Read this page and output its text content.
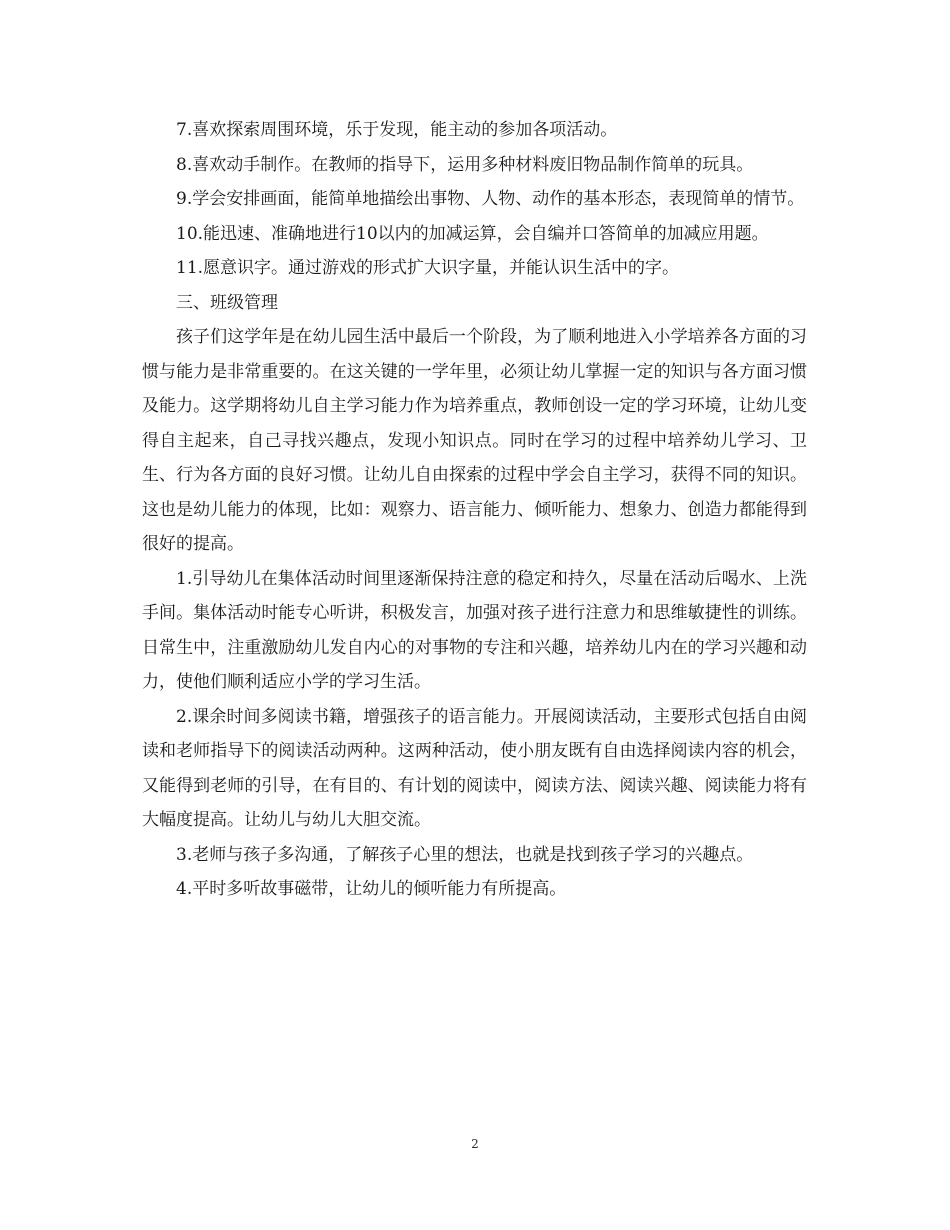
7.喜欢探索周围环境，乐于发现，能主动的参加各项活动。

8.喜欢动手制作。在教师的指导下，运用多种材料废旧物品制作简单的玩具。

9.学会安排画面，能简单地描绘出事物、人物、动作的基本形态，表现简单的情节。

10.能迅速、准确地进行10以内的加减运算，会自编并口答简单的加减应用题。

11.愿意识字。通过游戏的形式扩大识字量，并能认识生活中的字。

三、班级管理

孩子们这学年是在幼儿园生活中最后一个阶段，为了顺利地进入小学培养各方面的习惯与能力是非常重要的。在这关键的一学年里，必须让幼儿掌握一定的知识与各方面习惯及能力。这学期将幼儿自主学习能力作为培养重点，教师创设一定的学习环境，让幼儿变得自主起来，自己寻找兴趣点，发现小知识点。同时在学习的过程中培养幼儿学习、卫生、行为各方面的良好习惯。让幼儿自由探索的过程中学会自主学习，获得不同的知识。这也是幼儿能力的体现，比如：观察力、语言能力、倾听能力、想象力、创造力都能得到很好的提高。

1.引导幼儿在集体活动时间里逐渐保持注意的稳定和持久，尽量在活动后喝水、上洗手间。集体活动时能专心听讲，积极发言，加强对孩子进行注意力和思维敏捷性的训练。日常生中，注重激励幼儿发自内心的对事物的专注和兴趣，培养幼儿内在的学习兴趣和动力，使他们顺利适应小学的学习生活。

2.课余时间多阅读书籍，增强孩子的语言能力。开展阅读活动，主要形式包括自由阅读和老师指导下的阅读活动两种。这两种活动，使小朋友既有自由选择阅读内容的机会，又能得到老师的引导，在有目的、有计划的阅读中，阅读方法、阅读兴趣、阅读能力将有大幅度提高。让幼儿与幼儿大胆交流。

3.老师与孩子多沟通，了解孩子心里的想法，也就是找到孩子学习的兴趣点。

4.平时多听故事磁带，让幼儿的倾听能力有所提高。

2
